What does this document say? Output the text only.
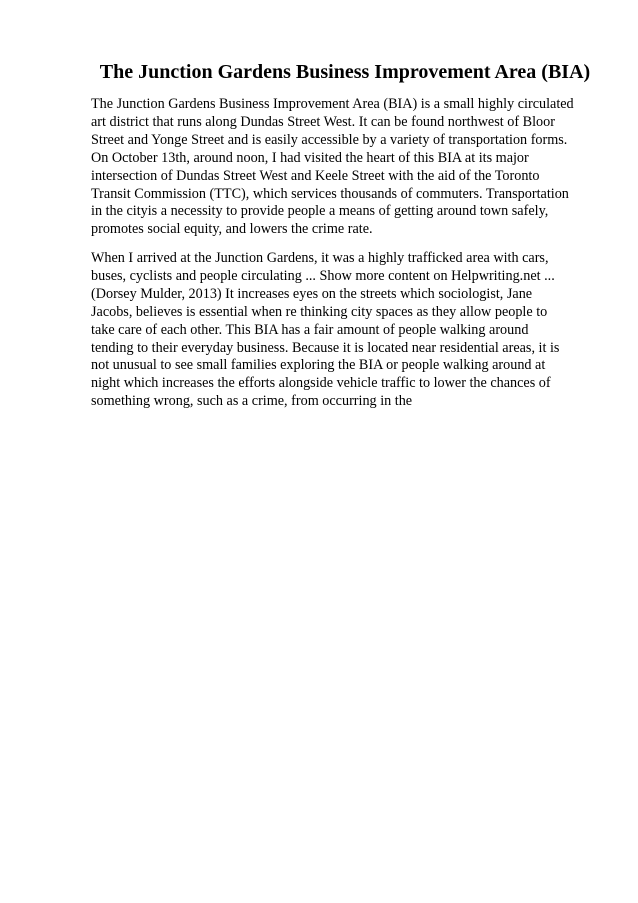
The Junction Gardens Business Improvement Area (BIA)

The Junction Gardens Business Improvement Area (BIA) is a small highly circulated
art district that runs along Dundas Street West. It can be found northwest of Bloor
Street and Yonge Street and is easily accessible by a variety of transportation forms.
On October 13th, around noon, I had visited the heart of this BIA at its major
intersection of Dundas Street West and Keele Street with the aid of the Toronto
Transit Commission (TTC), which services thousands of commuters. Transportation
in the cityis a necessity to provide people a means of getting around town safely,
promotes social equity, and lowers the crime rate.

When I arrived at the Junction Gardens, it was a highly trafficked area with cars,
buses, cyclists and people circulating ... Show more content on Helpwriting.net ...
(Dorsey Mulder, 2013) It increases eyes on the streets which sociologist, Jane
Jacobs, believes is essential when re thinking city spaces as they allow people to
take care of each other. This BIA has a fair amount of people walking around
tending to their everyday business. Because it is located near residential areas, it is
not unusual to see small families exploring the BIA or people walking around at
night which increases the efforts alongside vehicle traffic to lower the chances of
something wrong, such as a crime, from occurring in the
